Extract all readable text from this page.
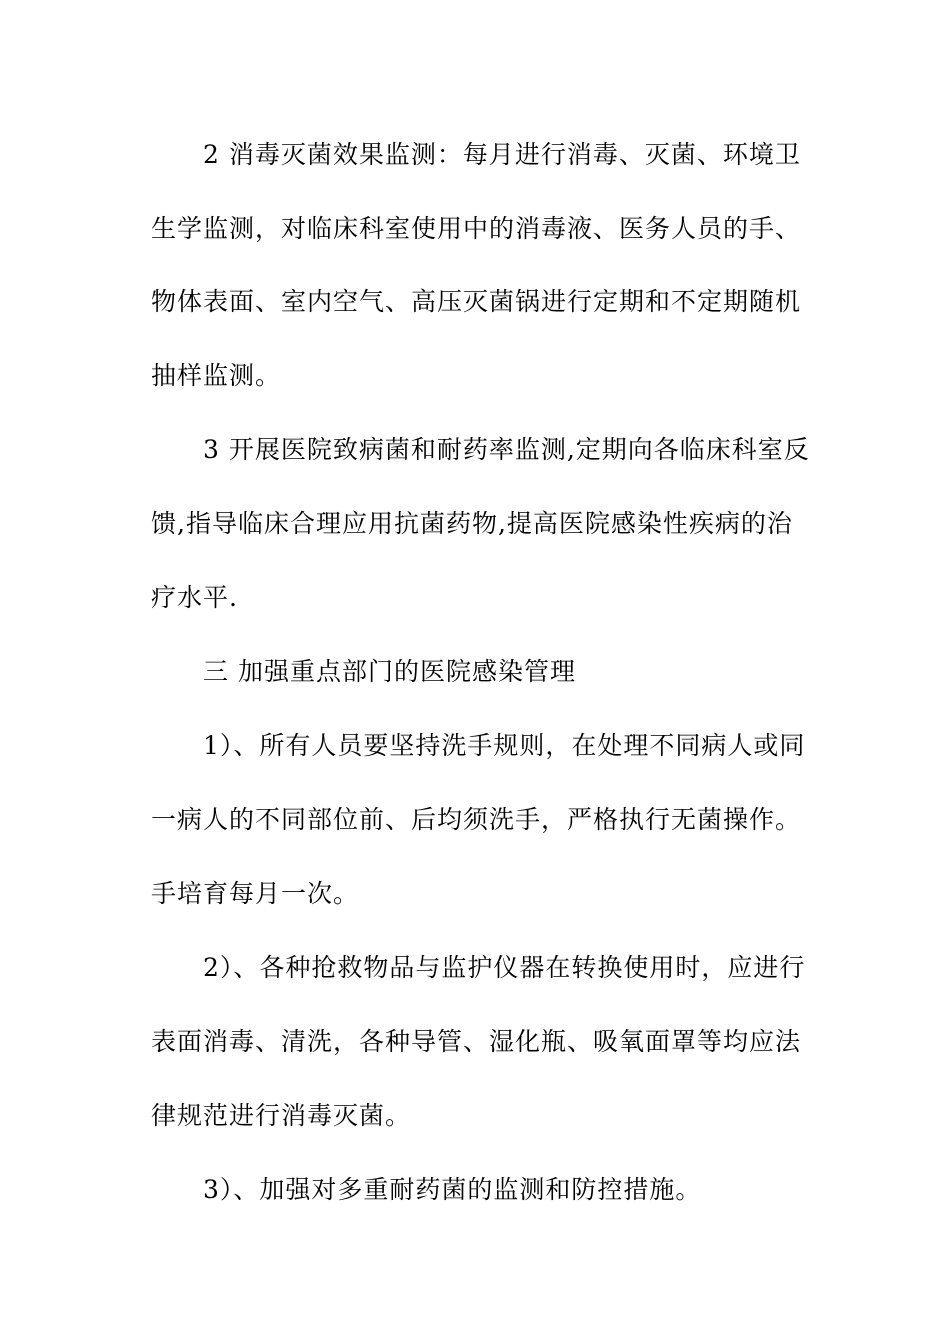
2 消毒灭菌效果监测：每月进行消毒、灭菌、环境卫
生学监测，对临床科室使用中的消毒液、医务人员的手、
物体表面、室内空气、高压灭菌锅进行定期和不定期随机
抽样监测。
3 开展医院致病菌和耐药率监测,定期向各临床科室反
馈,指导临床合理应用抗菌药物,提高医院感染性疾病的治
疗水平.
三 加强重点部门的医院感染管理
1）、所有人员要坚持洗手规则，在处理不同病人或同
一病人的不同部位前、后均须洗手，严格执行无菌操作。
手培育每月一次。
2）、各种抢救物品与监护仪器在转换使用时，应进行
表面消毒、清洗，各种导管、湿化瓶、吸氧面罩等均应法
律规范进行消毒灭菌。
3）、加强对多重耐药菌的监测和防控措施。
